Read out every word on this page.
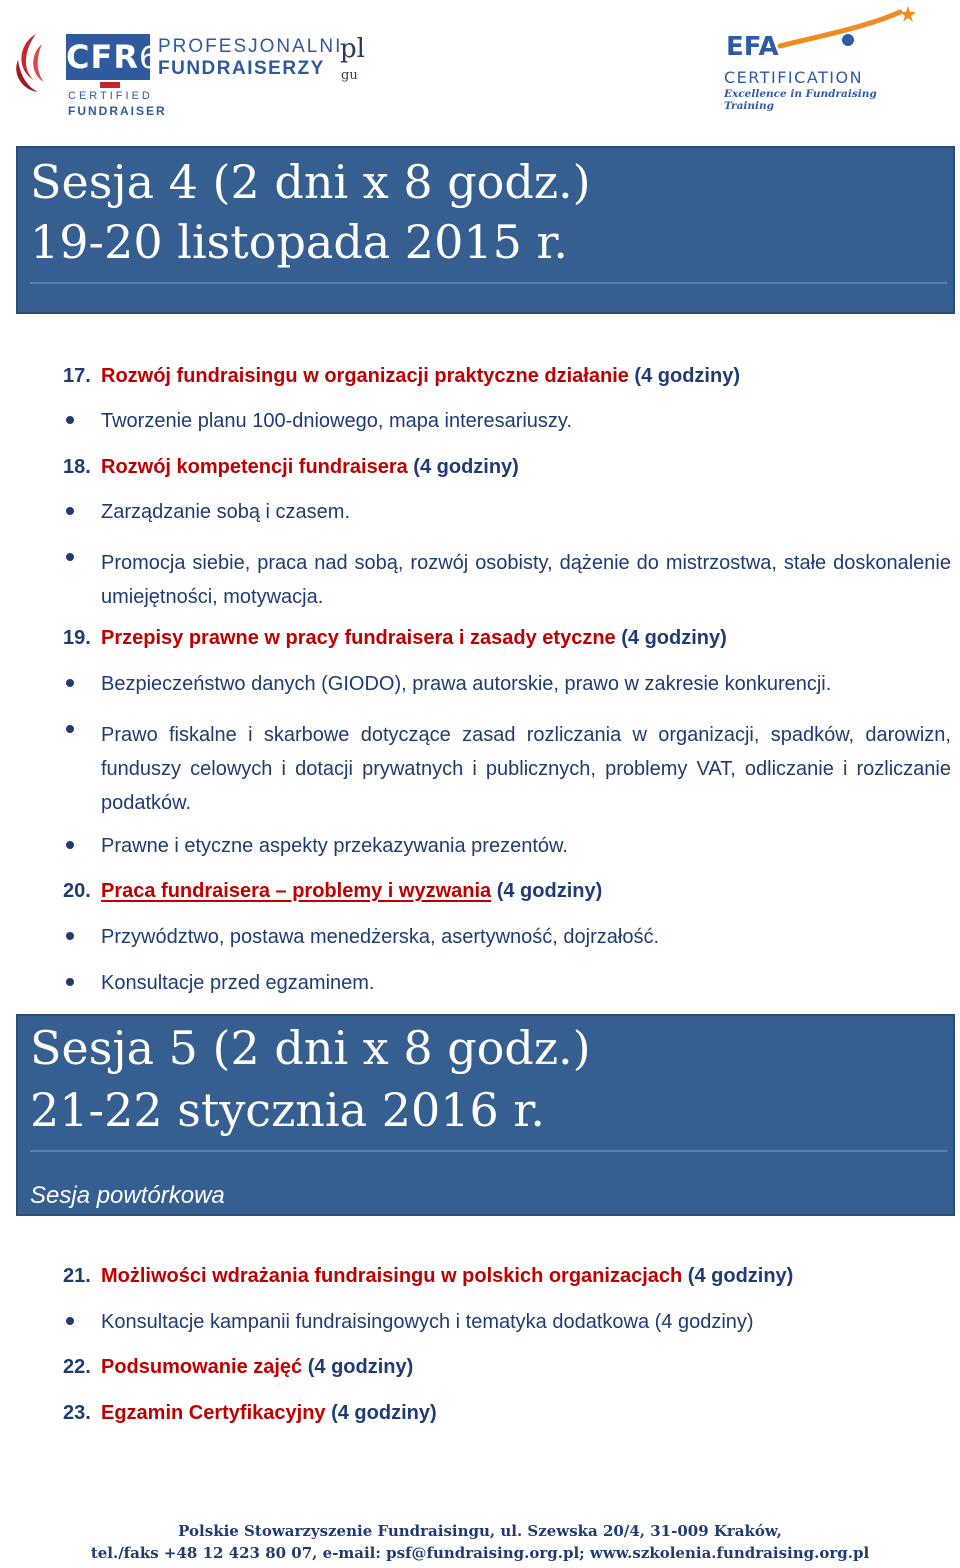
CFR6
CERTIFIED
FUNDRAISER
PROFESJONALNI
FUNDRAISERZY
pl
gu
EFA
CERTIFICATION
Excellence in Fundraising Training
Sesja 4 (2 dni x 8 godz.)
19-20 listopada 2015 r.
17. Rozwój fundraisingu w organizacji praktyczne działanie (4 godziny)
Tworzenie planu 100-dniowego, mapa interesariuszy.
18. Rozwój kompetencji fundraisera (4 godziny)
Zarządzanie sobą i czasem.
Promocja siebie, praca nad sobą, rozwój osobisty, dążenie do mistrzostwa, stałe doskonalenie umiejętności, motywacja.
19. Przepisy prawne w pracy fundraisera i zasady etyczne (4 godziny)
Bezpieczeństwo danych (GIODO), prawa autorskie, prawo w zakresie konkurencji.
Prawo fiskalne i skarbowe dotyczące zasad rozliczania w organizacji, spadków, darowizn, funduszy celowych i dotacji prywatnych i publicznych, problemy VAT, odliczanie i rozliczanie podatków.
Prawne i etyczne aspekty przekazywania prezentów.
20. Praca fundraisera – problemy i wyzwania (4 godziny)
Przywództwo, postawa menedżerska, asertywność, dojrzałość.
Konsultacje przed egzaminem.
Sesja 5 (2 dni x 8 godz.)
21-22 stycznia 2016 r.
Sesja powtórkowa
21. Możliwości wdrażania fundraisingu w polskich organizacjach (4 godziny)
Konsultacje kampanii fundraisingowych i tematyka dodatkowa (4 godziny)
22. Podsumowanie zajęć (4 godziny)
23. Egzamin Certyfikacyjny (4 godziny)
Polskie Stowarzyszenie Fundraisingu, ul. Szewska 20/4, 31-009 Kraków,
tel./faks +48 12 423 80 07, e-mail: psf@fundraising.org.pl; www.szkolenia.fundraising.org.pl
